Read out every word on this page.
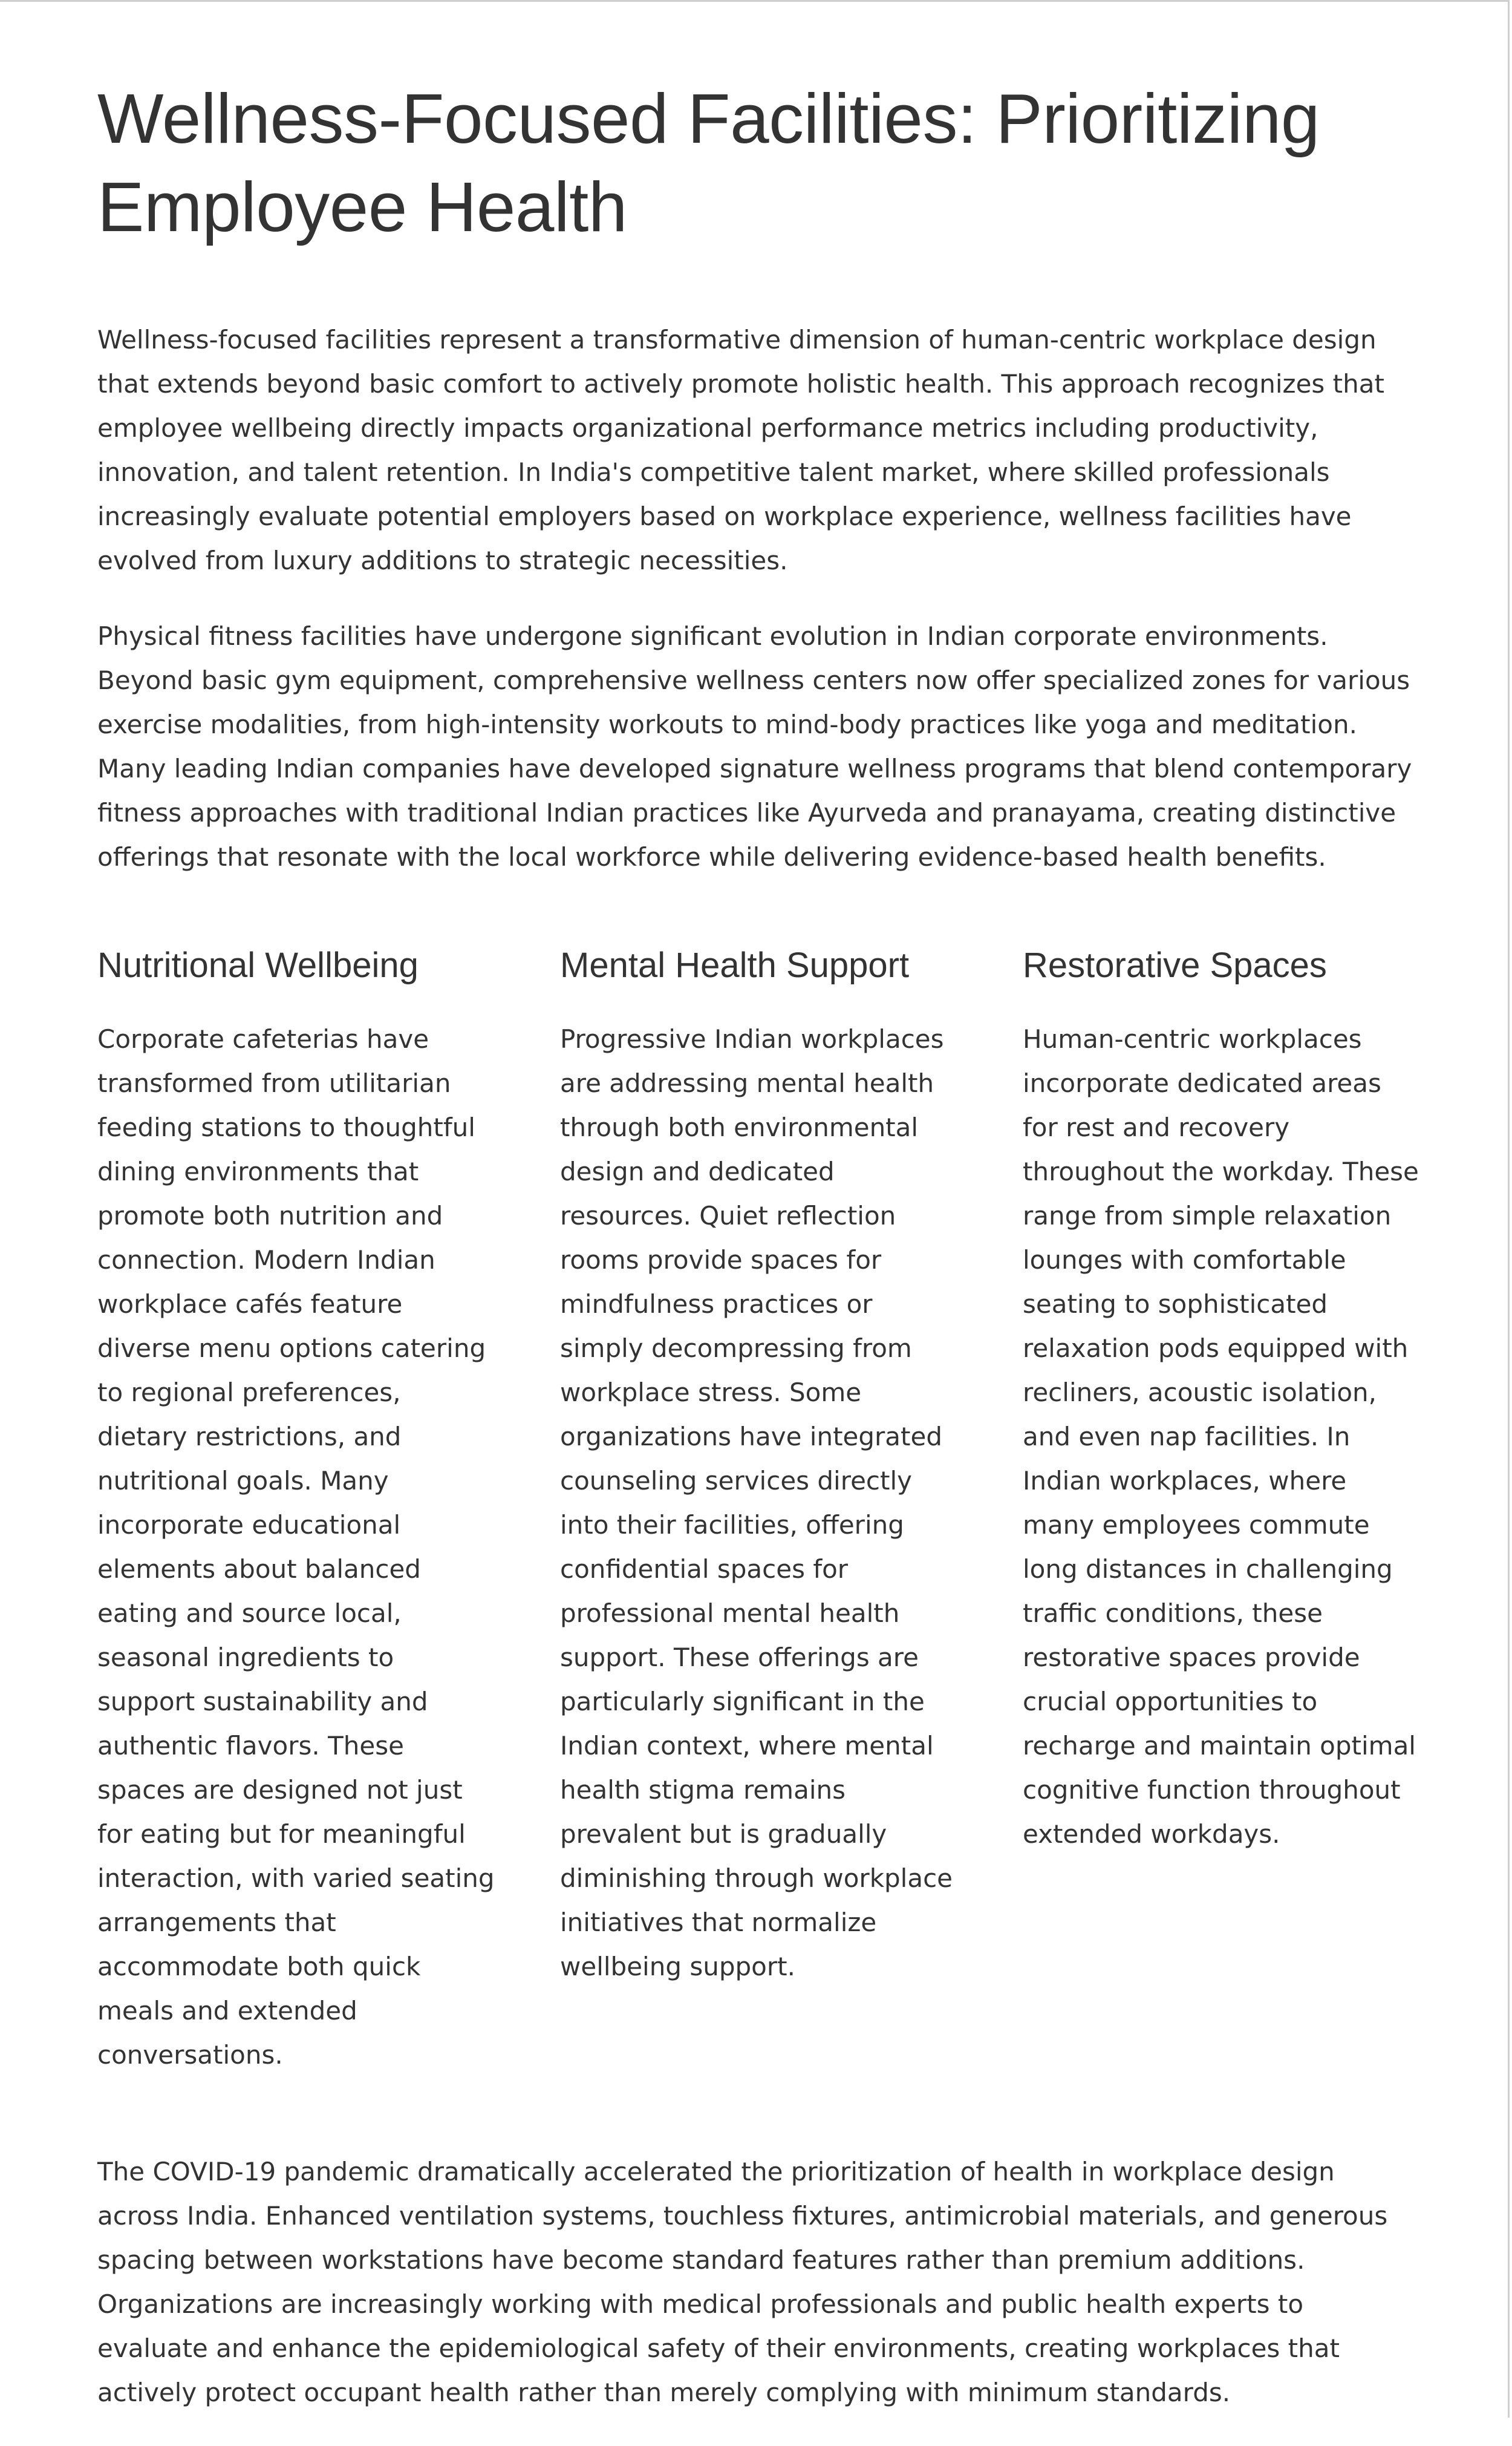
Wellness-Focused Facilities: Prioritizing Employee Health

Wellness-focused facilities represent a transformative dimension of human-centric workplace design that extends beyond basic comfort to actively promote holistic health. This approach recognizes that employee wellbeing directly impacts organizational performance metrics including productivity, innovation, and talent retention. In India's competitive talent market, where skilled professionals increasingly evaluate potential employers based on workplace experience, wellness facilities have evolved from luxury additions to strategic necessities.

Physical fitness facilities have undergone significant evolution in Indian corporate environments. Beyond basic gym equipment, comprehensive wellness centers now offer specialized zones for various exercise modalities, from high-intensity workouts to mind-body practices like yoga and meditation. Many leading Indian companies have developed signature wellness programs that blend contemporary fitness approaches with traditional Indian practices like Ayurveda and pranayama, creating distinctive offerings that resonate with the local workforce while delivering evidence-based health benefits.

Nutritional Wellbeing

Corporate cafeterias have transformed from utilitarian feeding stations to thoughtful dining environments that promote both nutrition and connection. Modern Indian workplace cafés feature diverse menu options catering to regional preferences, dietary restrictions, and nutritional goals. Many incorporate educational elements about balanced eating and source local, seasonal ingredients to support sustainability and authentic flavors. These spaces are designed not just for eating but for meaningful interaction, with varied seating arrangements that accommodate both quick meals and extended conversations.

Mental Health Support

Progressive Indian workplaces are addressing mental health through both environmental design and dedicated resources. Quiet reflection rooms provide spaces for mindfulness practices or simply decompressing from workplace stress. Some organizations have integrated counseling services directly into their facilities, offering confidential spaces for professional mental health support. These offerings are particularly significant in the Indian context, where mental health stigma remains prevalent but is gradually diminishing through workplace initiatives that normalize wellbeing support.

Restorative Spaces

Human-centric workplaces incorporate dedicated areas for rest and recovery throughout the workday. These range from simple relaxation lounges with comfortable seating to sophisticated relaxation pods equipped with recliners, acoustic isolation, and even nap facilities. In Indian workplaces, where many employees commute long distances in challenging traffic conditions, these restorative spaces provide crucial opportunities to recharge and maintain optimal cognitive function throughout extended workdays.

The COVID-19 pandemic dramatically accelerated the prioritization of health in workplace design across India. Enhanced ventilation systems, touchless fixtures, antimicrobial materials, and generous spacing between workstations have become standard features rather than premium additions. Organizations are increasingly working with medical professionals and public health experts to evaluate and enhance the epidemiological safety of their environments, creating workplaces that actively protect occupant health rather than merely complying with minimum standards.
